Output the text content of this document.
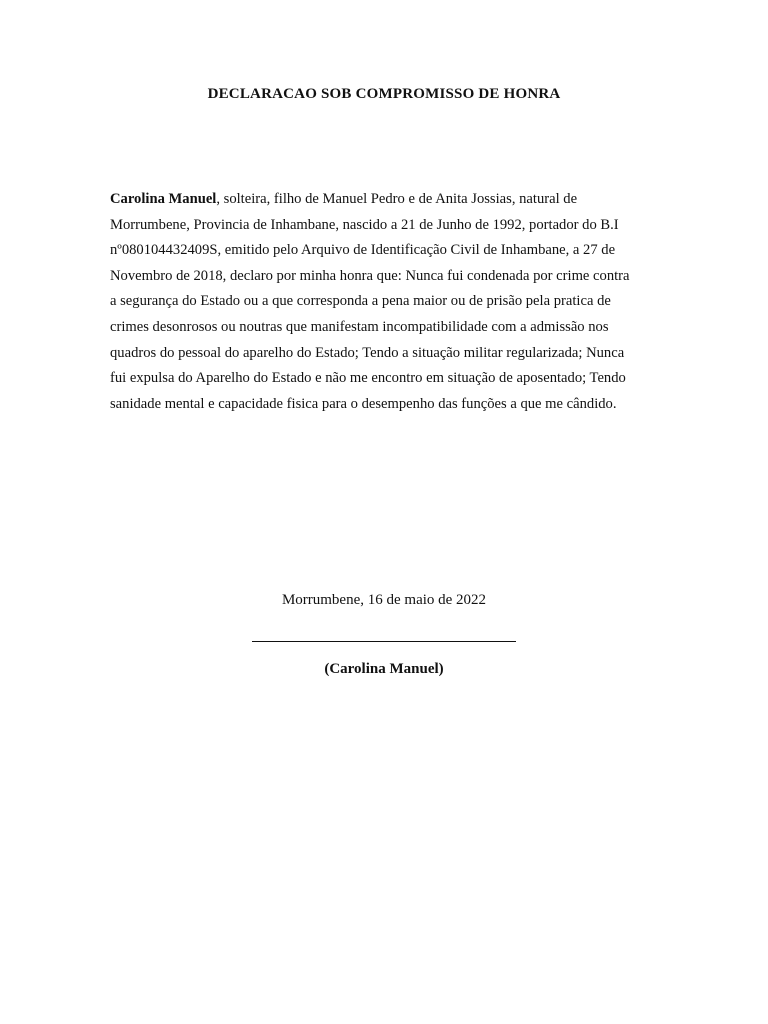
DECLARACAO SOB COMPROMISSO DE HONRA
Carolina Manuel, solteira, filho de Manuel Pedro e de Anita Jossias, natural de Morrumbene, Provincia de Inhambane, nascido a 21 de Junho de 1992, portador do B.I nº080104432409S, emitido pelo Arquivo de Identificação Civil de Inhambane, a 27 de Novembro de 2018, declaro por minha honra que: Nunca fui condenada por crime contra a segurança do Estado ou a que corresponda a pena maior ou de prisão pela pratica de crimes desonrosos ou noutras que manifestam incompatibilidade com a admissão nos quadros do pessoal do aparelho do Estado; Tendo a situação militar regularizada; Nunca fui expulsa do Aparelho do Estado e não me encontro em situação de aposentado; Tendo sanidade mental e capacidade fisica para o desempenho das funções a que me cândido.
Morrumbene, 16 de maio de 2022
(Carolina Manuel)
